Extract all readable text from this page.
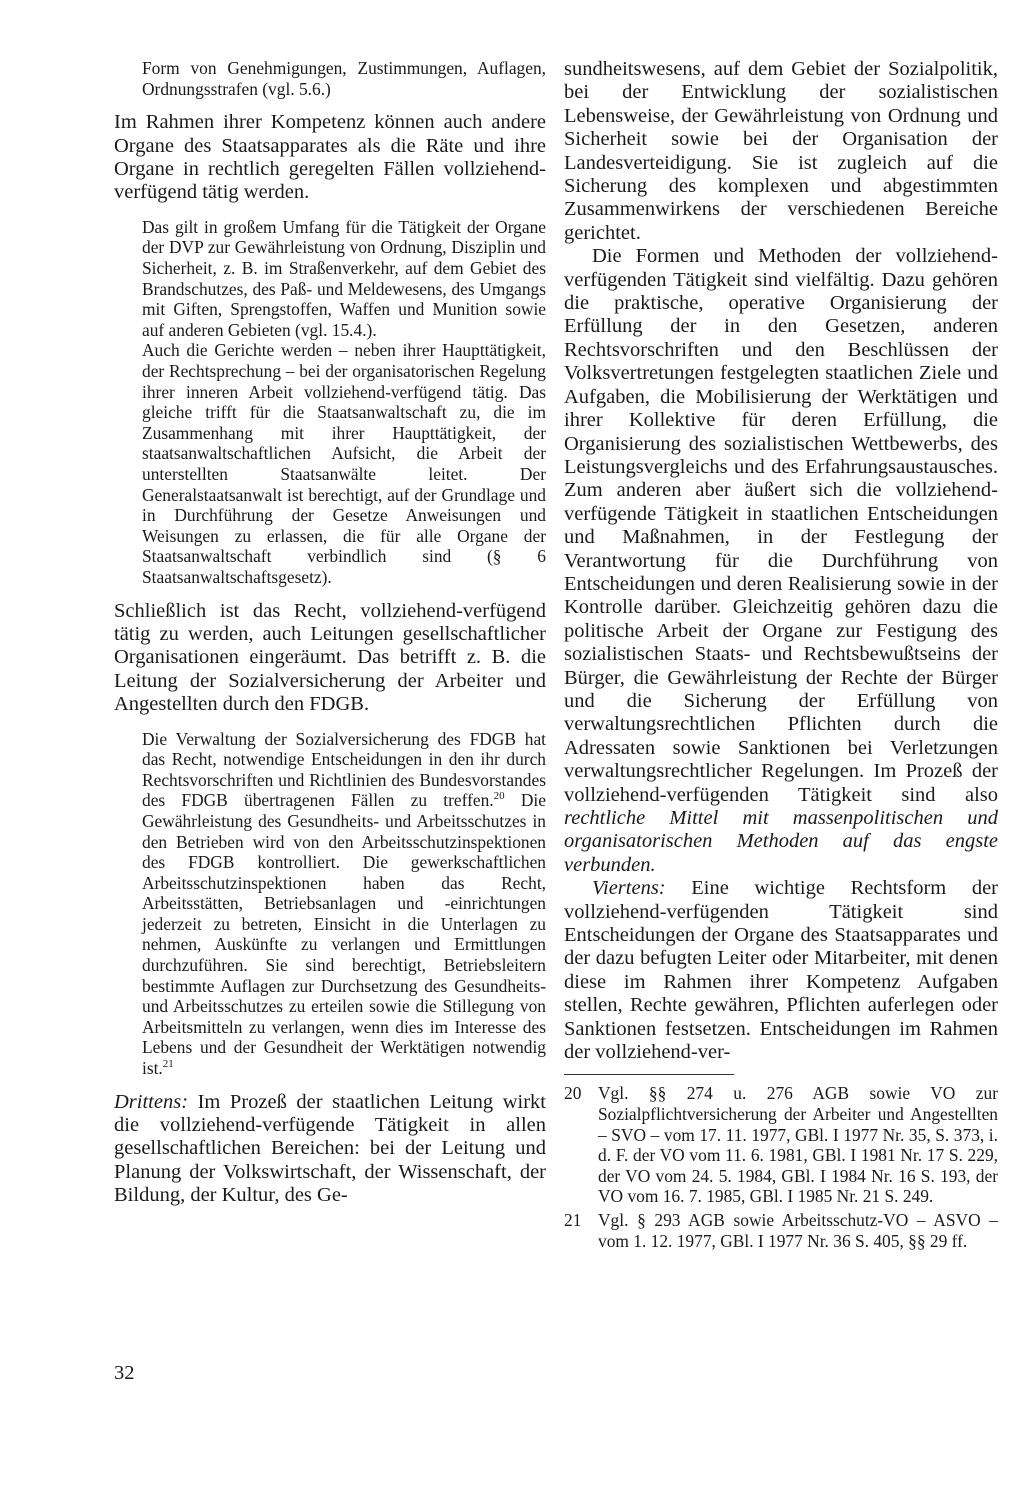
Form von Genehmigungen, Zustimmungen, Auflagen, Ordnungsstrafen (vgl. 5.6.)

Im Rahmen ihrer Kompetenz können auch andere Organe des Staatsapparates als die Räte und ihre Organe in rechtlich geregelten Fällen vollziehend-verfügend tätig werden.

Das gilt in großem Umfang für die Tätigkeit der Organe der DVP zur Gewährleistung von Ordnung, Disziplin und Sicherheit, z. B. im Straßenverkehr, auf dem Gebiet des Brandschutzes, des Paß- und Meldewesens, des Umgangs mit Giften, Sprengstoffen, Waffen und Munition sowie auf anderen Gebieten (vgl. 15.4.).

Auch die Gerichte werden – neben ihrer Haupttätigkeit, der Rechtsprechung – bei der organisatorischen Regelung ihrer inneren Arbeit vollziehend-verfügend tätig. Das gleiche trifft für die Staatsanwaltschaft zu, die im Zusammenhang mit ihrer Haupttätigkeit, der staatsanwaltschaftlichen Aufsicht, die Arbeit der unterstellten Staatsanwälte leitet. Der Generalstaatsanwalt ist berechtigt, auf der Grundlage und in Durchführung der Gesetze Anweisungen und Weisungen zu erlassen, die für alle Organe der Staatsanwaltschaft verbindlich sind (§ 6 Staatsanwaltschaftsgesetz).

Schließlich ist das Recht, vollziehend-verfügend tätig zu werden, auch Leitungen gesellschaftlicher Organisationen eingeräumt. Das betrifft z. B. die Leitung der Sozialversicherung der Arbeiter und Angestellten durch den FDGB.

Die Verwaltung der Sozialversicherung des FDGB hat das Recht, notwendige Entscheidungen in den ihr durch Rechtsvorschriften und Richtlinien des Bundesvorstandes des FDGB übertragenen Fällen zu treffen.$^{20}$ Die Gewährleistung des Gesundheits- und Arbeitsschutzes in den Betrieben wird von den Arbeitsschutzinspektionen des FDGB kontrolliert. Die gewerkschaftlichen Arbeitsschutzinspektionen haben das Recht, Arbeitsstätten, Betriebsanlagen und -einrichtungen jederzeit zu betreten, Einsicht in die Unterlagen zu nehmen, Auskünfte zu verlangen und Ermittlungen durchzuführen. Sie sind berechtigt, Betriebsleitern bestimmte Auflagen zur Durchsetzung des Gesundheits- und Arbeitsschutzes zu erteilen sowie die Stillegung von Arbeitsmitteln zu verlangen, wenn dies im Interesse des Lebens und der Gesundheit der Werktätigen notwendig ist.$^{21}$

Drittens: Im Prozeß der staatlichen Leitung wirkt die vollziehend-verfügende Tätigkeit in allen gesellschaftlichen Bereichen: bei der Leitung und Planung der Volkswirtschaft, der Wissenschaft, der Bildung, der Kultur, des Ge-

sundheitswesens, auf dem Gebiet der Sozialpolitik, bei der Entwicklung der sozialistischen Lebensweise, der Gewährleistung von Ordnung und Sicherheit sowie bei der Organisation der Landesverteidigung. Sie ist zugleich auf die Sicherung des komplexen und abgestimmten Zusammenwirkens der verschiedenen Bereiche gerichtet.

Die Formen und Methoden der vollziehend-verfügenden Tätigkeit sind vielfältig. Dazu gehören die praktische, operative Organisierung der Erfüllung der in den Gesetzen, anderen Rechtsvorschriften und den Beschlüssen der Volksvertretungen festgelegten staatlichen Ziele und Aufgaben, die Mobilisierung der Werktätigen und ihrer Kollektive für deren Erfüllung, die Organisierung des sozialistischen Wettbewerbs, des Leistungsvergleichs und des Erfahrungsaustausches. Zum anderen aber äußert sich die vollziehend-verfügende Tätigkeit in staatlichen Entscheidungen und Maßnahmen, in der Festlegung der Verantwortung für die Durchführung von Entscheidungen und deren Realisierung sowie in der Kontrolle darüber. Gleichzeitig gehören dazu die politische Arbeit der Organe zur Festigung des sozialistischen Staats- und Rechtsbewußtseins der Bürger, die Gewährleistung der Rechte der Bürger und die Sicherung der Erfüllung von verwaltungsrechtlichen Pflichten durch die Adressaten sowie Sanktionen bei Verletzungen verwaltungsrechtlicher Regelungen. Im Prozeß der vollziehend-verfügenden Tätigkeit sind also rechtliche Mittel mit massenpolitischen und organisatorischen Methoden auf das engste verbunden.

Viertens: Eine wichtige Rechtsform der vollziehend-verfügenden Tätigkeit sind Entscheidungen der Organe des Staatsapparates und der dazu befugten Leiter oder Mitarbeiter, mit denen diese im Rahmen ihrer Kompetenz Aufgaben stellen, Rechte gewähren, Pflichten auferlegen oder Sanktionen festsetzen. Entscheidungen im Rahmen der vollziehend-ver-

20 Vgl. §§ 274 u. 276 AGB sowie VO zur Sozialpflichtversicherung der Arbeiter und Angestellten – SVO – vom 17. 11. 1977, GBl. I 1977 Nr. 35, S. 373, i. d. F. der VO vom 11. 6. 1981, GBl. I 1981 Nr. 17 S. 229, der VO vom 24. 5. 1984, GBl. I 1984 Nr. 16 S. 193, der VO vom 16. 7. 1985, GBl. I 1985 Nr. 21 S. 249.
21 Vgl. § 293 AGB sowie Arbeitsschutz-VO – ASVO – vom 1. 12. 1977, GBl. I 1977 Nr. 36 S. 405, §§ 29 ff.
32
